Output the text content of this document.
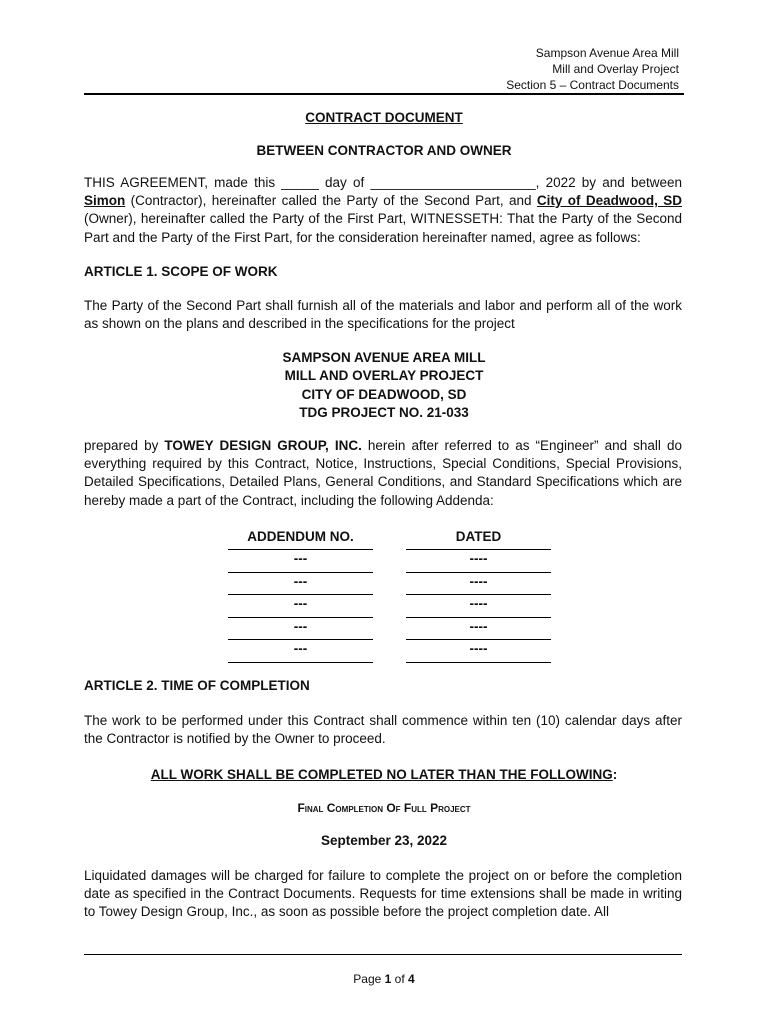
Sampson Avenue Area Mill
Mill and Overlay Project
Section 5 – Contract Documents
CONTRACT DOCUMENT
BETWEEN CONTRACTOR AND OWNER
THIS AGREEMENT, made this _____ day of ______________________, 2022 by and between Simon (Contractor), hereinafter called the Party of the Second Part, and City of Deadwood, SD (Owner), hereinafter called the Party of the First Part, WITNESSETH: That the Party of the Second Part and the Party of the First Part, for the consideration hereinafter named, agree as follows:
ARTICLE 1. SCOPE OF WORK
The Party of the Second Part shall furnish all of the materials and labor and perform all of the work as shown on the plans and described in the specifications for the project
SAMPSON AVENUE AREA MILL
MILL AND OVERLAY PROJECT
CITY OF DEADWOOD, SD
TDG PROJECT NO. 21-033
prepared by TOWEY DESIGN GROUP, INC. herein after referred to as “Engineer” and shall do everything required by this Contract, Notice, Instructions, Special Conditions, Special Provisions, Detailed Specifications, Detailed Plans, General Conditions, and Standard Specifications which are hereby made a part of the Contract, including the following Addenda:
ADDENDUM NO.
---
---
---
---
---
DATED
----
----
----
----
----
ARTICLE 2. TIME OF COMPLETION
The work to be performed under this Contract shall commence within ten (10) calendar days after the Contractor is notified by the Owner to proceed.
ALL WORK SHALL BE COMPLETED NO LATER THAN THE FOLLOWING:
Final Completion Of Full Project
September 23, 2022
Liquidated damages will be charged for failure to complete the project on or before the completion date as specified in the Contract Documents. Requests for time extensions shall be made in writing to Towey Design Group, Inc., as soon as possible before the project completion date. All
Page 1 of 4
